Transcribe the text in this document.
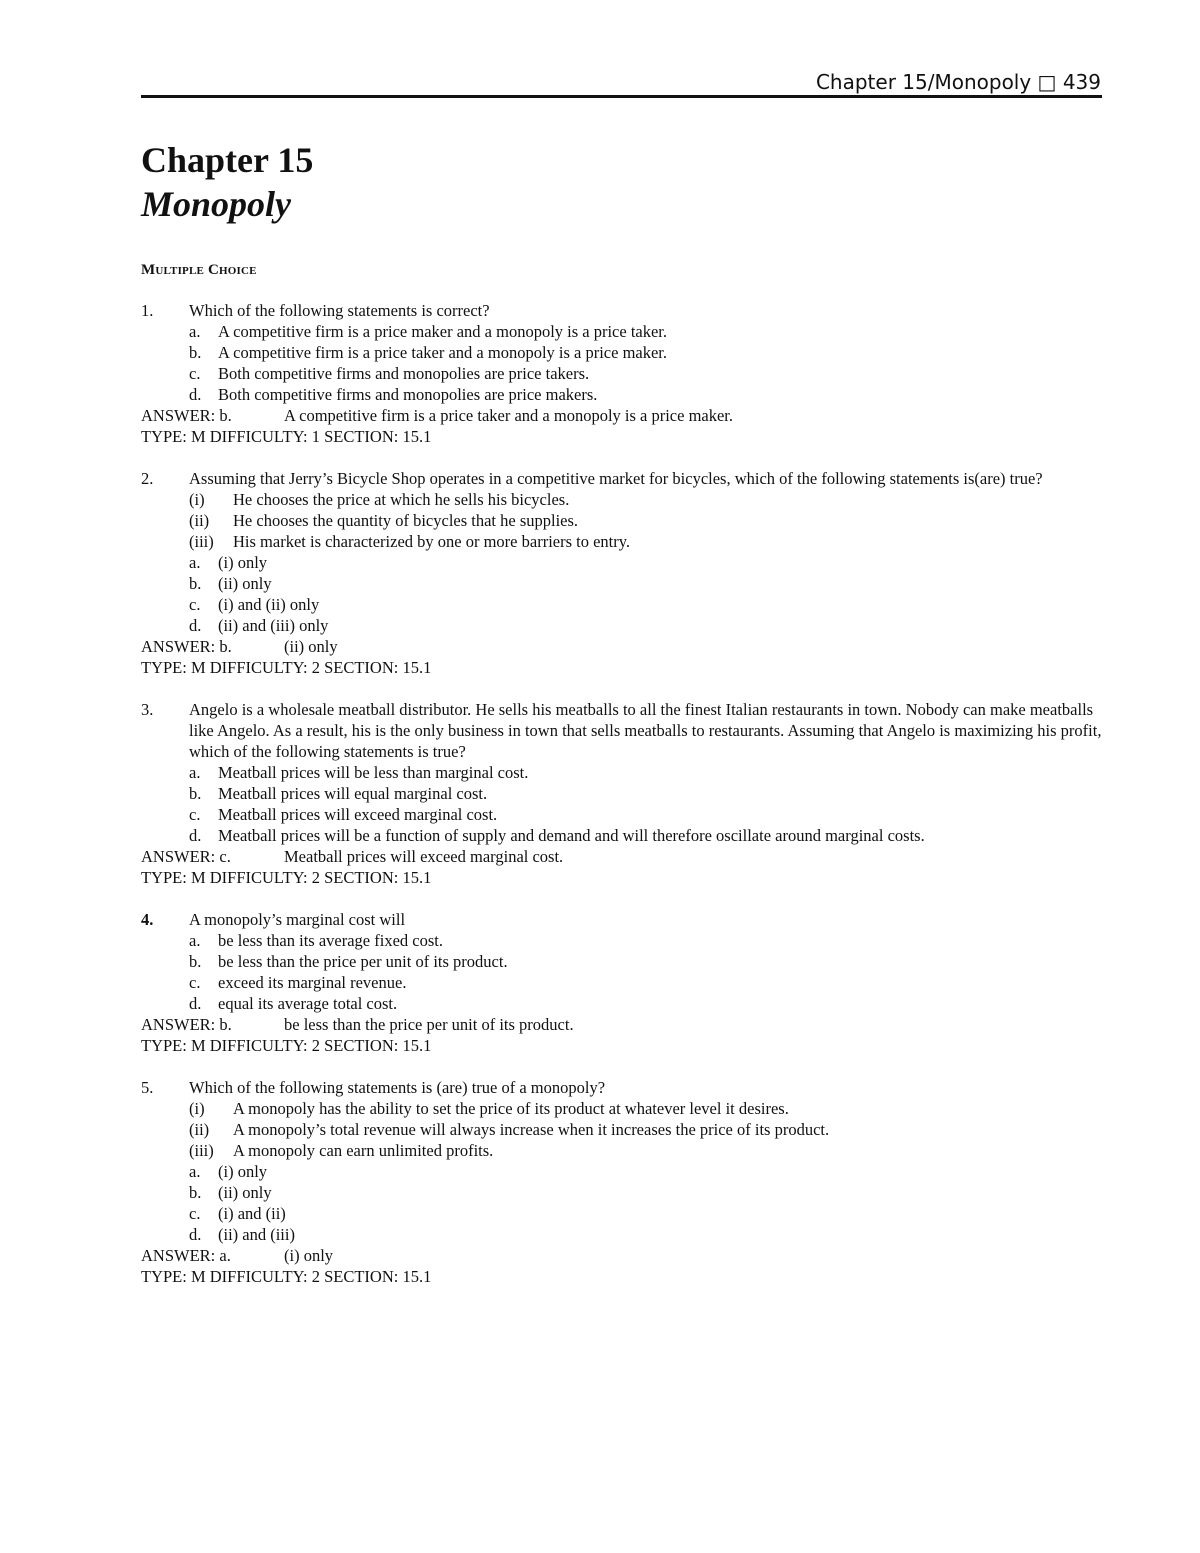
Chapter 15/Monopoly □ 439
Chapter 15
Monopoly
Multiple Choice
1. Which of the following statements is correct?
a. A competitive firm is a price maker and a monopoly is a price taker.
b. A competitive firm is a price taker and a monopoly is a price maker.
c. Both competitive firms and monopolies are price takers.
d. Both competitive firms and monopolies are price makers.
ANSWER: b.	A competitive firm is a price taker and a monopoly is a price maker.
TYPE: M DIFFICULTY: 1 SECTION: 15.1
2. Assuming that Jerry’s Bicycle Shop operates in a competitive market for bicycles, which of the following statements is(are) true?
(i) He chooses the price at which he sells his bicycles.
(ii) He chooses the quantity of bicycles that he supplies.
(iii) His market is characterized by one or more barriers to entry.
a. (i) only
b. (ii) only
c. (i) and (ii) only
d. (ii) and (iii) only
ANSWER: b.	(ii) only
TYPE: M DIFFICULTY: 2 SECTION: 15.1
3. Angelo is a wholesale meatball distributor. He sells his meatballs to all the finest Italian restaurants in town. Nobody can make meatballs like Angelo. As a result, his is the only business in town that sells meatballs to restaurants. Assuming that Angelo is maximizing his profit, which of the following statements is true?
a. Meatball prices will be less than marginal cost.
b. Meatball prices will equal marginal cost.
c. Meatball prices will exceed marginal cost.
d. Meatball prices will be a function of supply and demand and will therefore oscillate around marginal costs.
ANSWER: c.	Meatball prices will exceed marginal cost.
TYPE: M DIFFICULTY: 2 SECTION: 15.1
4. A monopoly’s marginal cost will
a. be less than its average fixed cost.
b. be less than the price per unit of its product.
c. exceed its marginal revenue.
d. equal its average total cost.
ANSWER: b.	be less than the price per unit of its product.
TYPE: M DIFFICULTY: 2 SECTION: 15.1
5. Which of the following statements is (are) true of a monopoly?
(i) A monopoly has the ability to set the price of its product at whatever level it desires.
(ii) A monopoly’s total revenue will always increase when it increases the price of its product.
(iii) A monopoly can earn unlimited profits.
a. (i) only
b. (ii) only
c. (i) and (ii)
d. (ii) and (iii)
ANSWER: a.	(i) only
TYPE: M DIFFICULTY: 2 SECTION: 15.1
